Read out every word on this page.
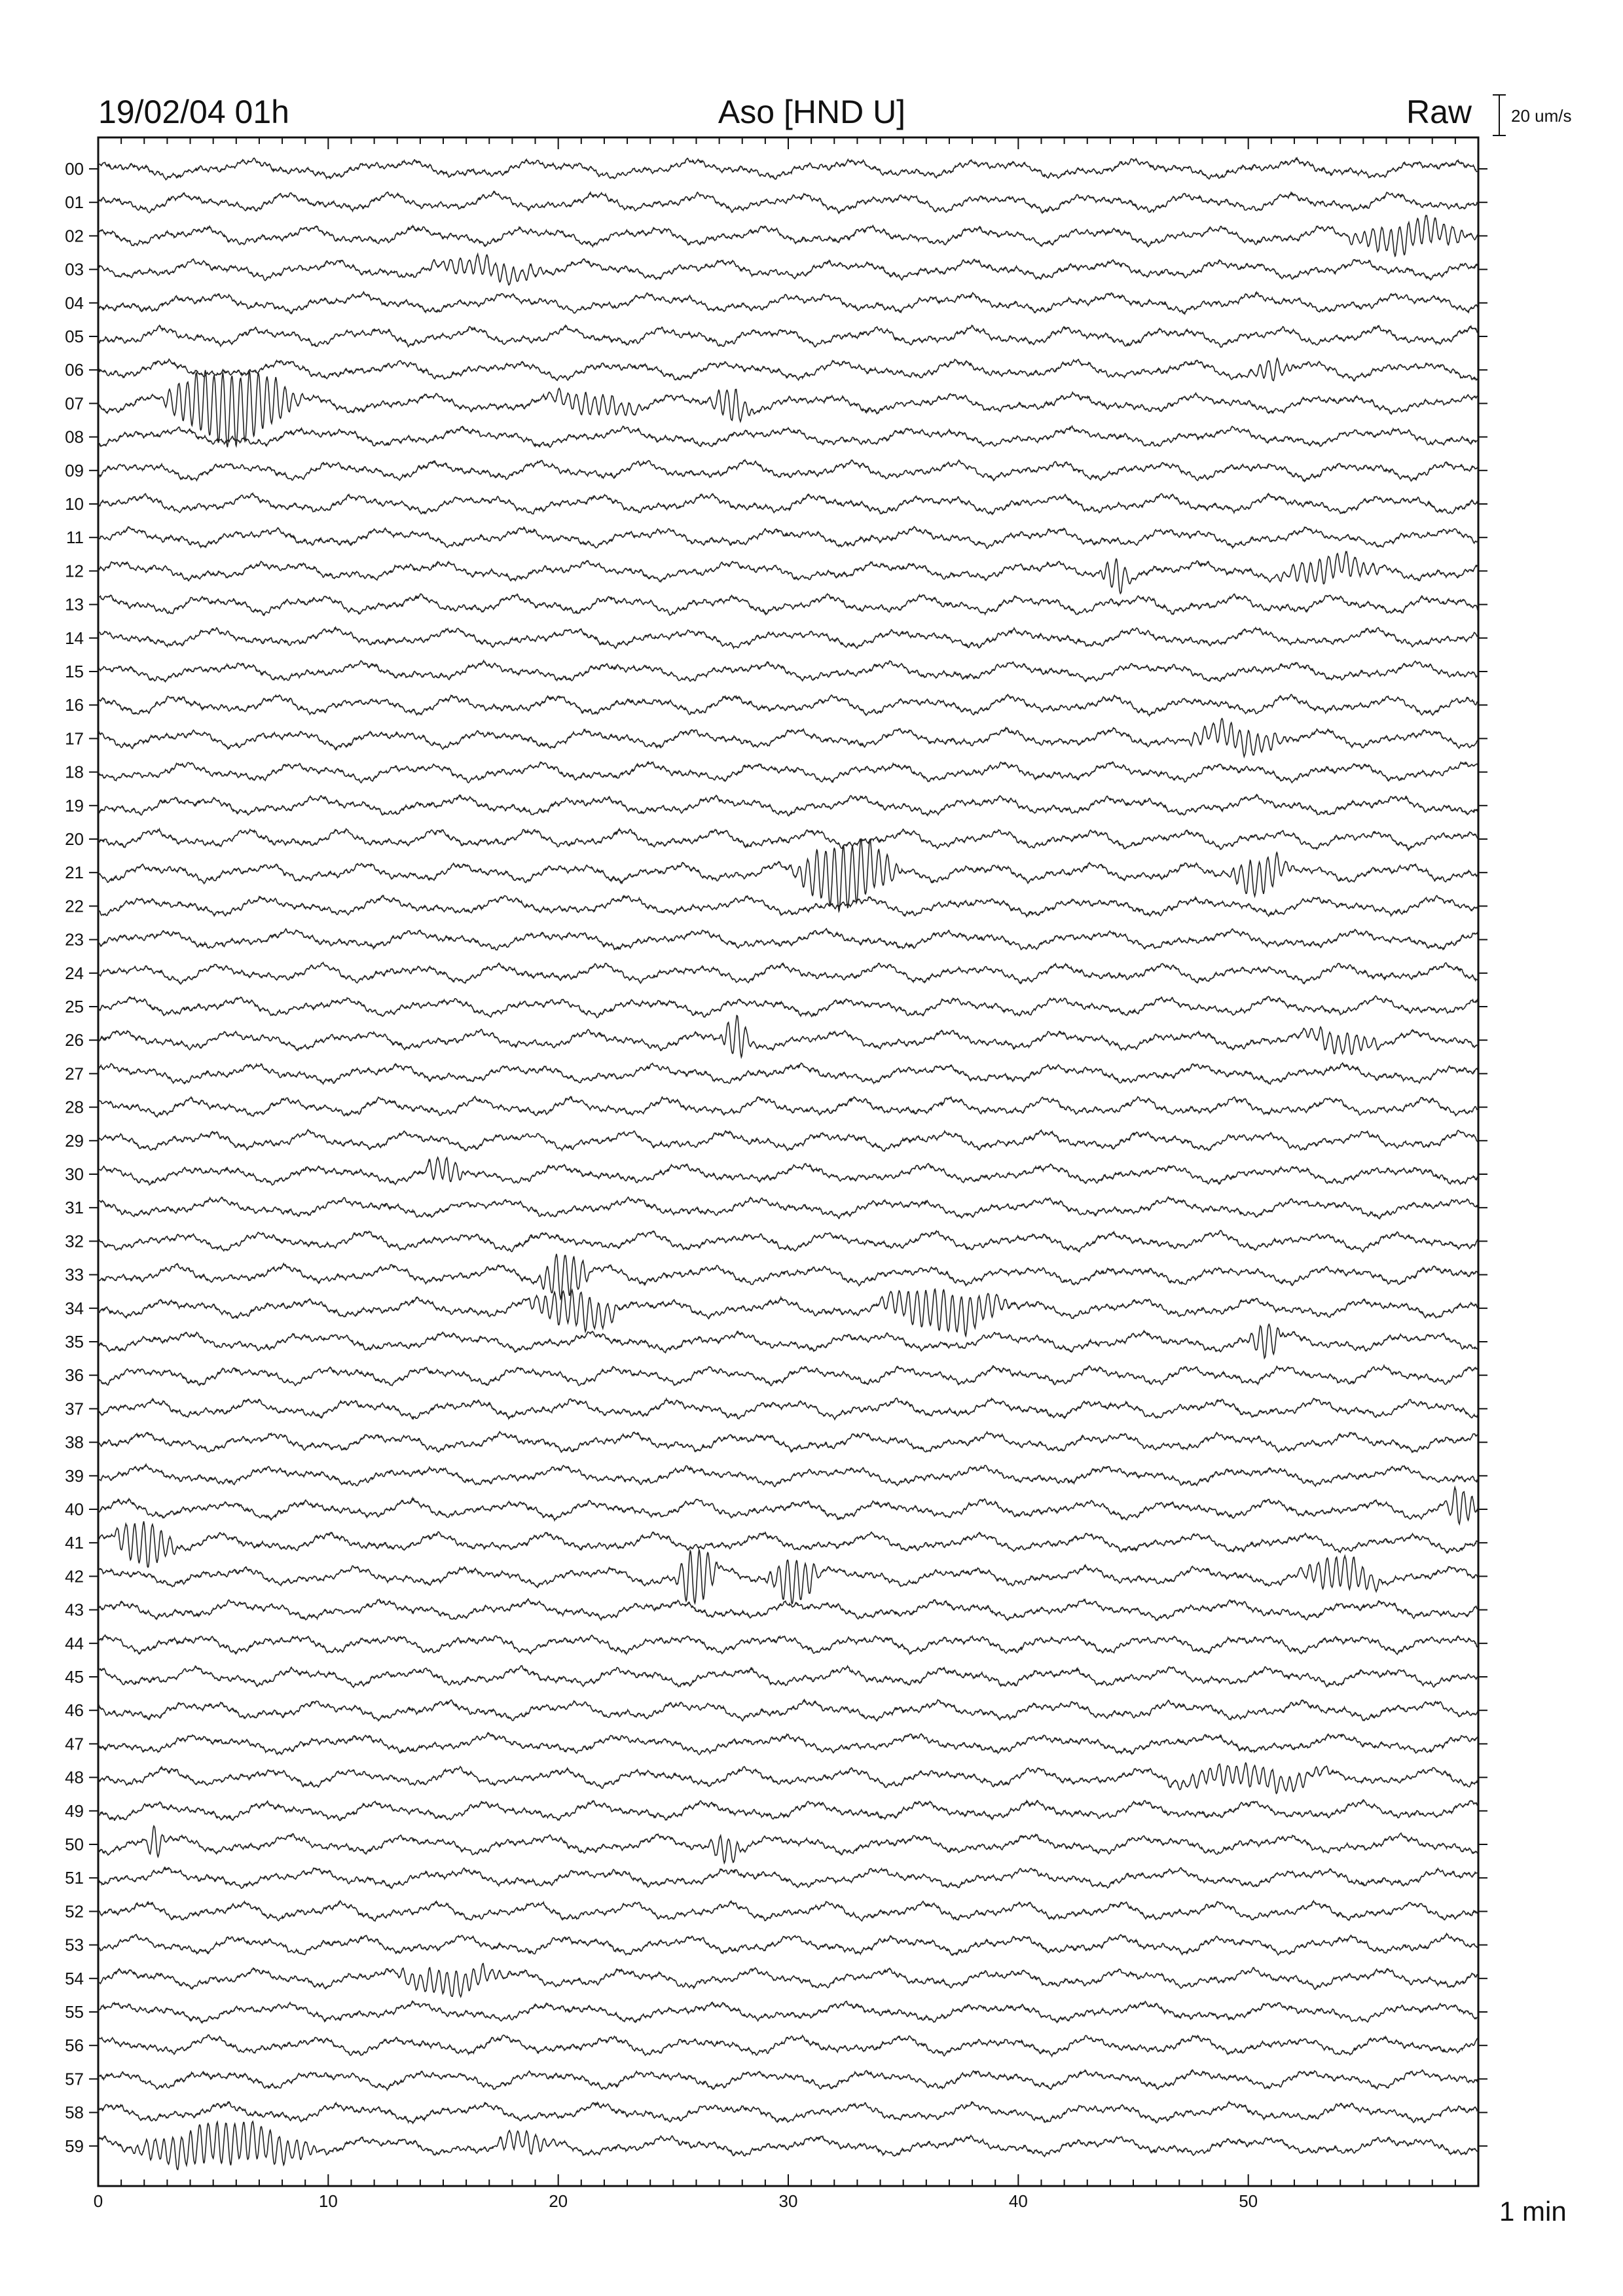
19/02/04 01h	Aso [HND U]	Raw 20 um/s
00
01
02
03
04
05
06
07
08
09
10
11
12
13
14
15
16
17
18
19
20
21
22
23
24
25
26
27
28
29
30
31
32
33
34
35
36
37
38
39
40
41
42
43
44
45
46
47
48
49
50
51
52
53
54
55
56
57
58
59
0	10	20	30	40	50	1 min
